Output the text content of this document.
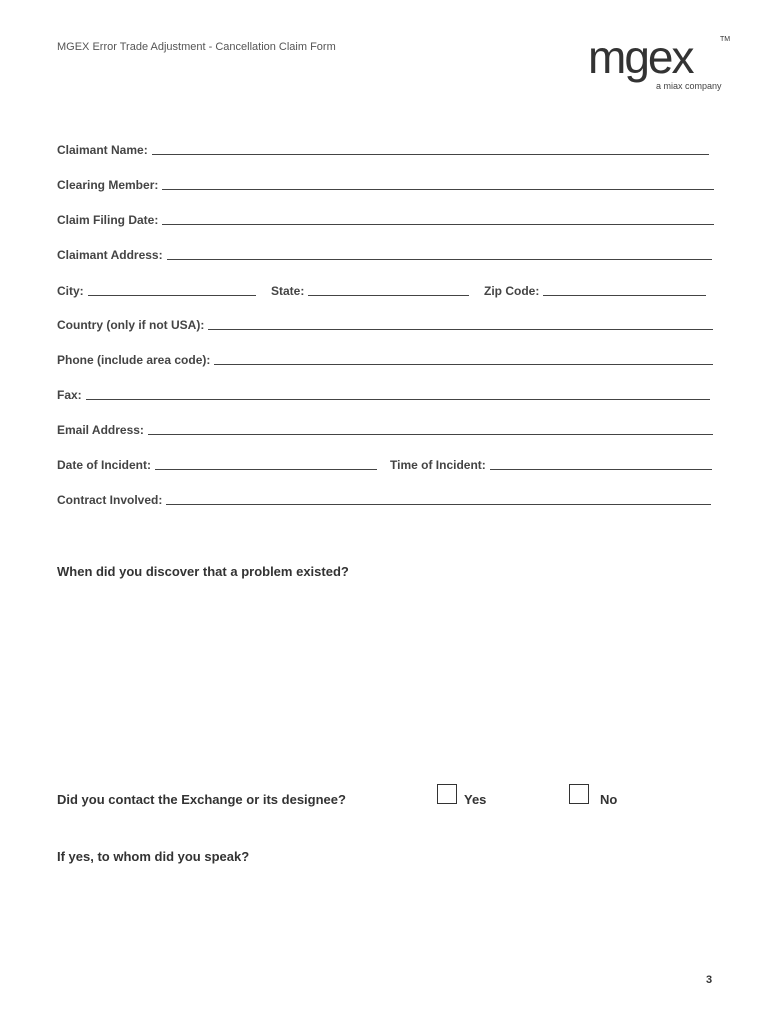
MGEX Error Trade Adjustment - Cancellation Claim Form	mgex	TM
a miax company
Claimant Name:
Clearing Member:
Claim Filing Date:
Claimant Address:
City:	State:	Zip Code:
Country (only if not USA):
Phone (include area code):
Fax:
Email Address:
Date of Incident:	Time of Incident:
Contract Involved:
When did you discover that a problem existed?
Did you contact the Exchange or its designee?	Yes	No
If yes, to whom did you speak?
3
